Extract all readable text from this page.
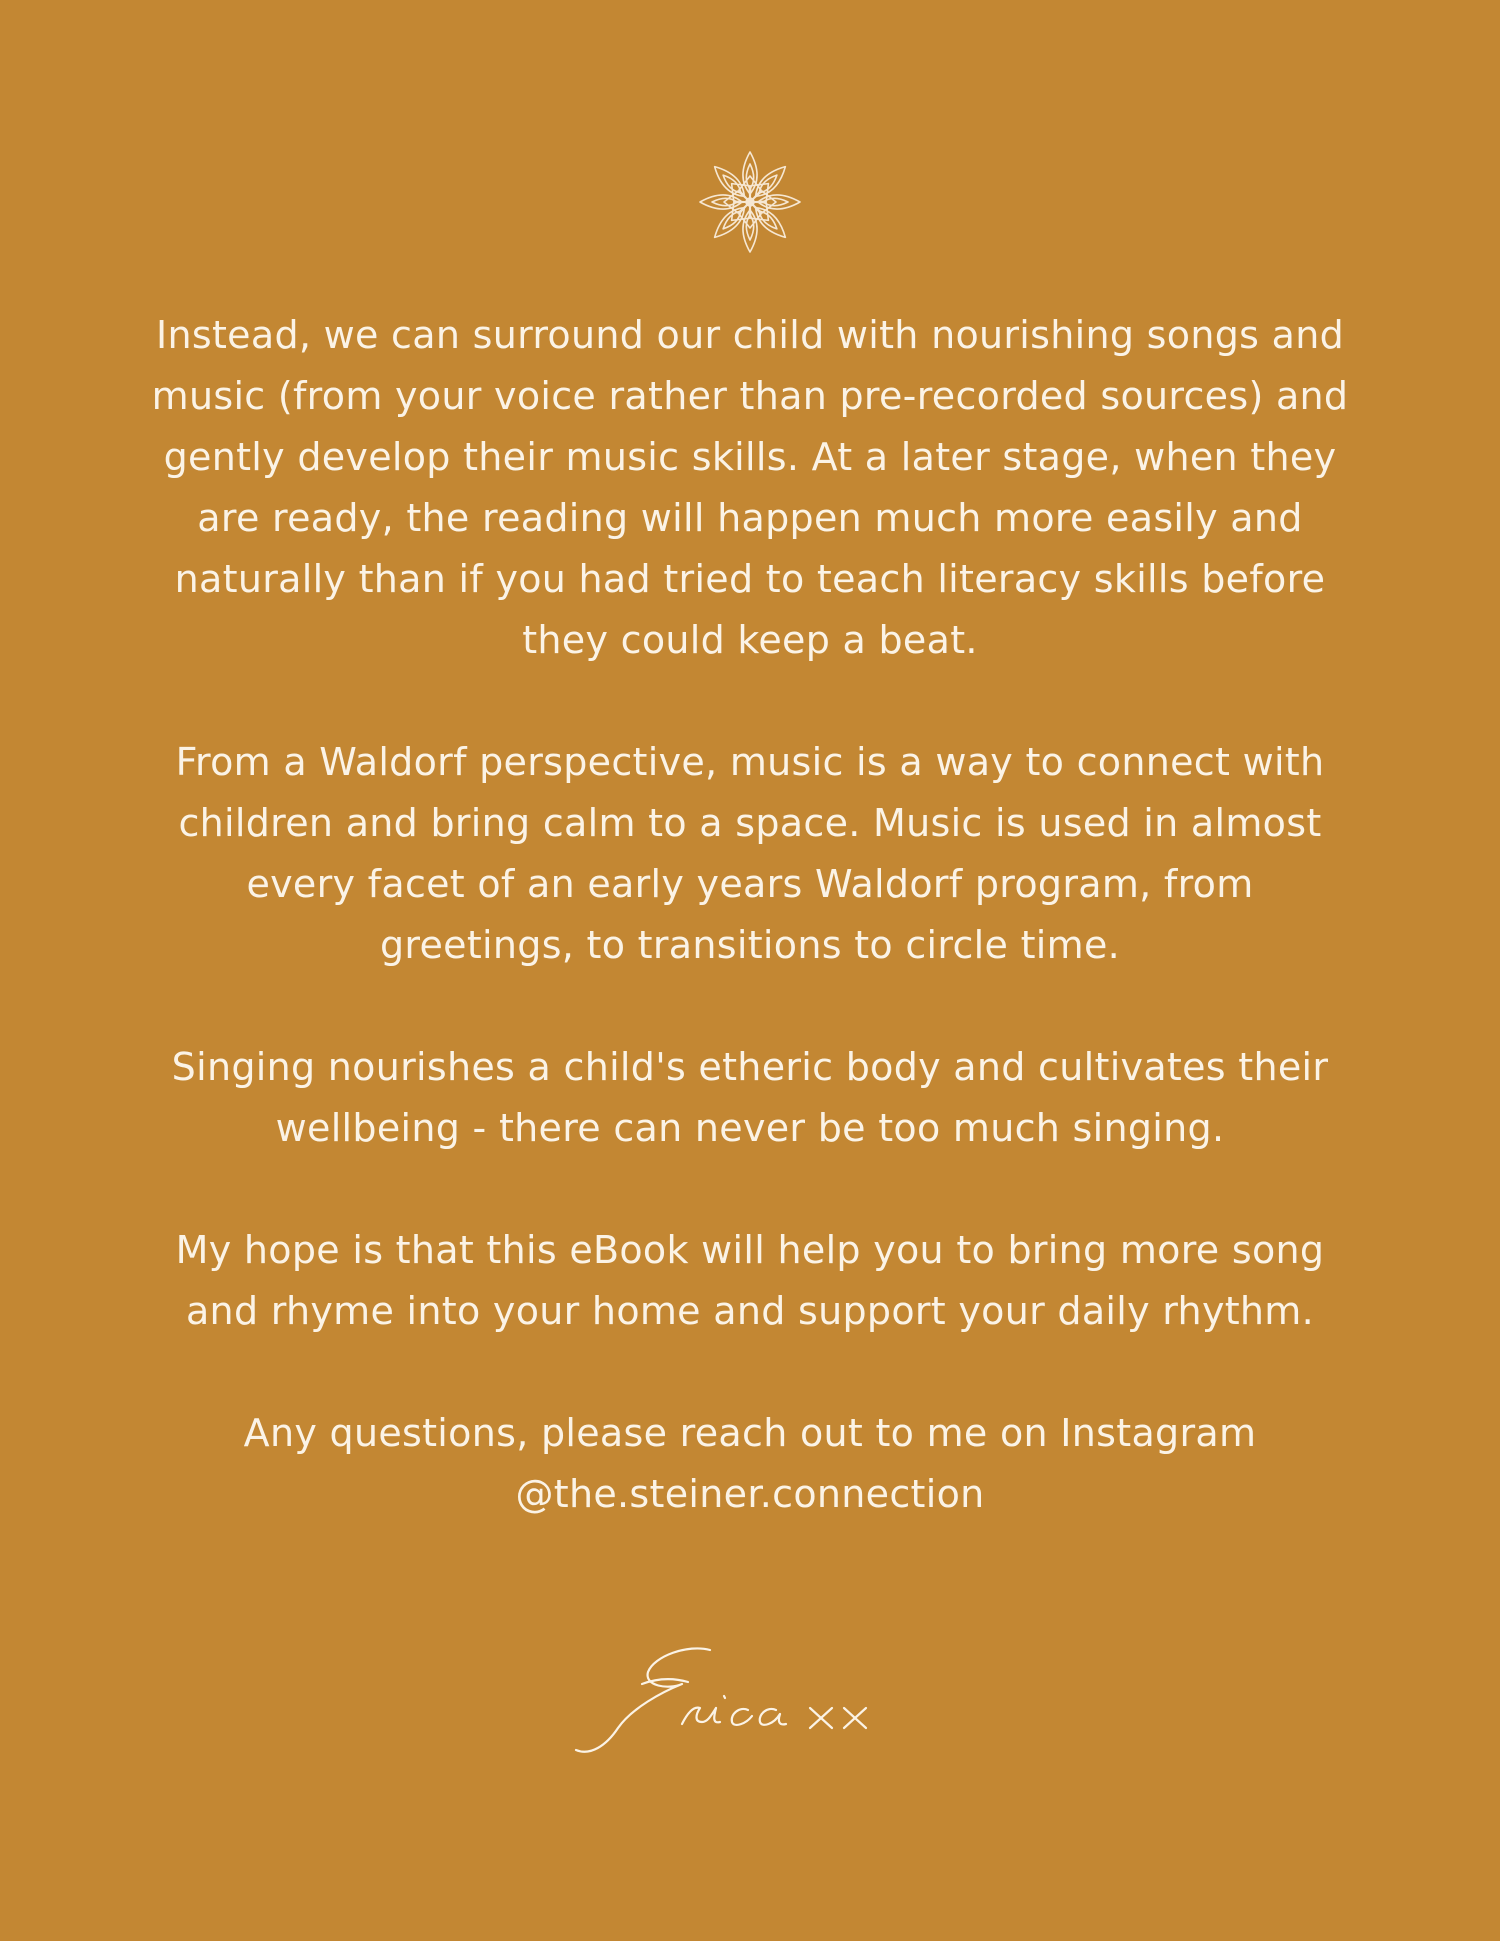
Instead, we can surround our child with nourishing songs and music (from your voice rather than pre-recorded sources) and gently develop their music skills. At a later stage, when they are ready, the reading will happen much more easily and naturally than if you had tried to teach literacy skills before they could keep a beat.

From a Waldorf perspective, music is a way to connect with children and bring calm to a space. Music is used in almost every facet of an early years Waldorf program, from greetings, to transitions to circle time.

Singing nourishes a child's etheric body and cultivates their wellbeing - there can never be too much singing.

My hope is that this eBook will help you to bring more song and rhyme into your home and support your daily rhythm.

Any questions, please reach out to me on Instagram @the.steiner.connection
